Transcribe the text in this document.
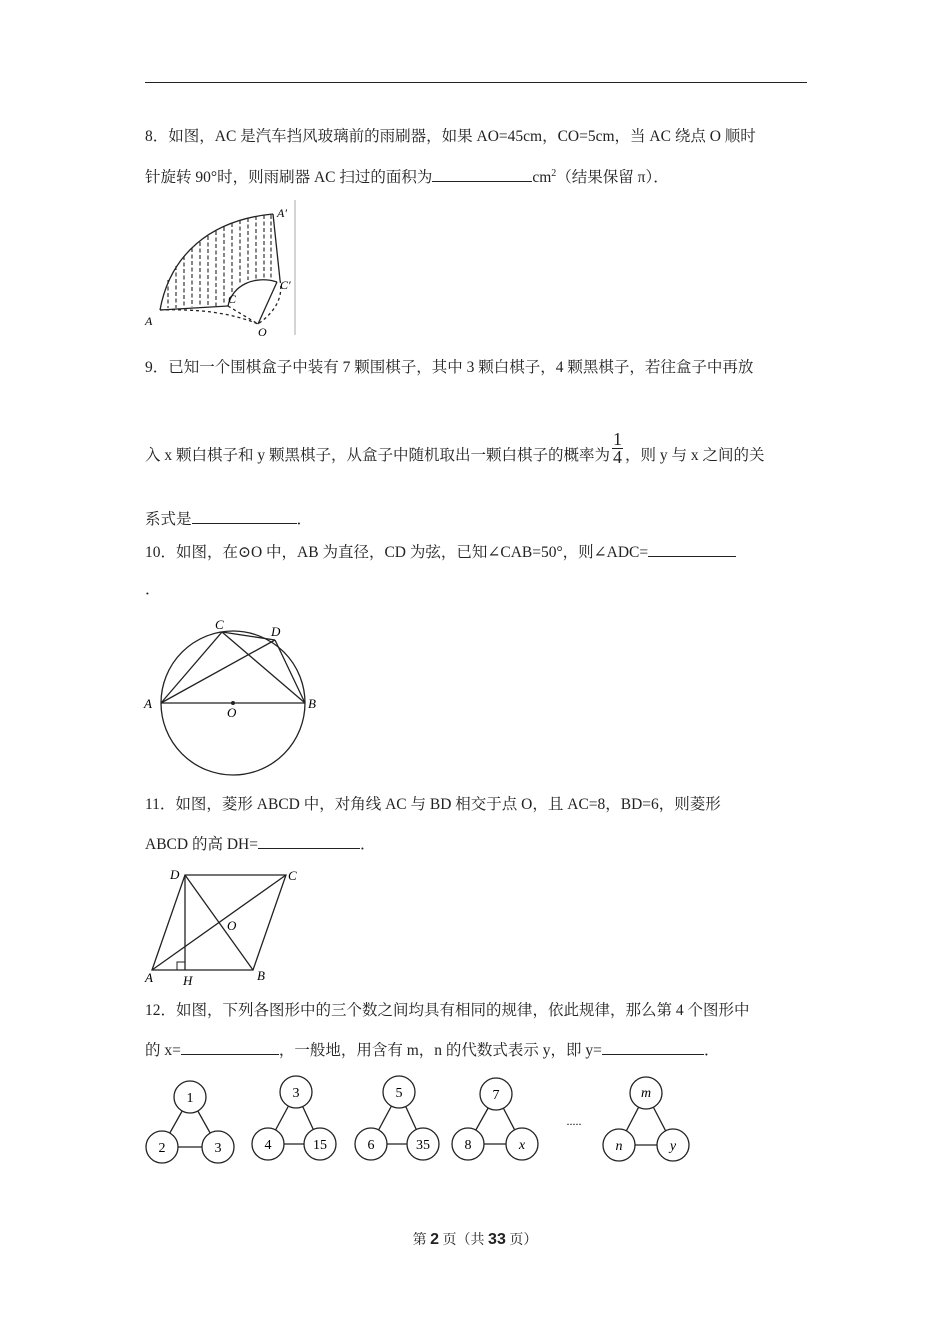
8．如图，AC 是汽车挡风玻璃前的雨刷器，如果 AO=45cm，CO=5cm，当 AC 绕点 O 顺时
针旋转 90°时，则雨刷器 AC 扫过的面积为	$cm^2$（结果保留 π）．
A′
C′
C
A
O
9．已知一个围棋盒子中装有 7 颗围棋子，其中 3 颗白棋子，4 颗黑棋子，若往盒子中再放
入 x 颗白棋子和 y 颗黑棋子，从盒子中随机取出一颗白棋子的概率为 $\frac{1}{4}$ ，则 y 与 x 之间的关
系式是	．
10．如图，在⊙O 中，AB 为直径，CD 为弦，已知∠CAB=50°，则∠ADC=
．
C	D
A	B
O
11．如图，菱形 ABCD 中，对角线 AC 与 BD 相交于点 O，且 AC=8，BD=6，则菱形
ABCD 的高 DH=	．
D	C
O
A H	B
12．如图，下列各图形中的三个数之间均具有相同的规律，依此规律，那么第 4 个图形中
的 x=	，一般地，用含有 m，n 的代数式表示 y，即 y=	．
1
2	3
3
4	15
5
6	35
7
8	x
.....
m
n	y
第 2 页（共 33 页）
